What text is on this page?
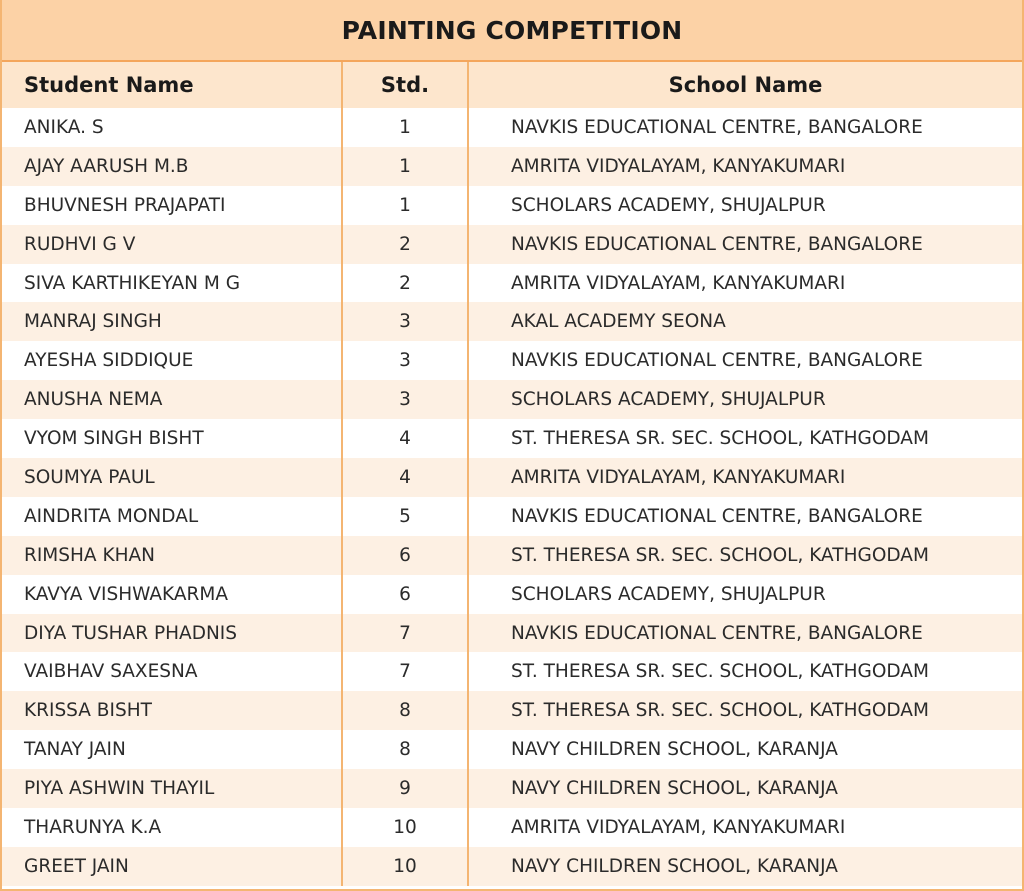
PAINTING COMPETITION
Student Name	Std.	School Name
ANIKA. S	1	NAVKIS EDUCATIONAL CENTRE, BANGALORE
AJAY AARUSH M.B	1	AMRITA VIDYALAYAM, KANYAKUMARI
BHUVNESH PRAJAPATI	1	SCHOLARS ACADEMY, SHUJALPUR
RUDHVI G V	2	NAVKIS EDUCATIONAL CENTRE, BANGALORE
SIVA KARTHIKEYAN M G	2	AMRITA VIDYALAYAM, KANYAKUMARI
MANRAJ SINGH	3	AKAL ACADEMY SEONA
AYESHA SIDDIQUE	3	NAVKIS EDUCATIONAL CENTRE, BANGALORE
ANUSHA NEMA	3	SCHOLARS ACADEMY, SHUJALPUR
VYOM SINGH BISHT	4	ST. THERESA SR. SEC. SCHOOL, KATHGODAM
SOUMYA PAUL	4	AMRITA VIDYALAYAM, KANYAKUMARI
AINDRITA MONDAL	5	NAVKIS EDUCATIONAL CENTRE, BANGALORE
RIMSHA KHAN	6	ST. THERESA SR. SEC. SCHOOL, KATHGODAM
KAVYA VISHWAKARMA	6	SCHOLARS ACADEMY, SHUJALPUR
DIYA TUSHAR PHADNIS	7	NAVKIS EDUCATIONAL CENTRE, BANGALORE
VAIBHAV SAXESNA	7	ST. THERESA SR. SEC. SCHOOL, KATHGODAM
KRISSA BISHT	8	ST. THERESA SR. SEC. SCHOOL, KATHGODAM
TANAY JAIN	8	NAVY CHILDREN SCHOOL, KARANJA
PIYA ASHWIN THAYIL	9	NAVY CHILDREN SCHOOL, KARANJA
THARUNYA K.A	10	AMRITA VIDYALAYAM, KANYAKUMARI
GREET JAIN	10	NAVY CHILDREN SCHOOL, KARANJA
